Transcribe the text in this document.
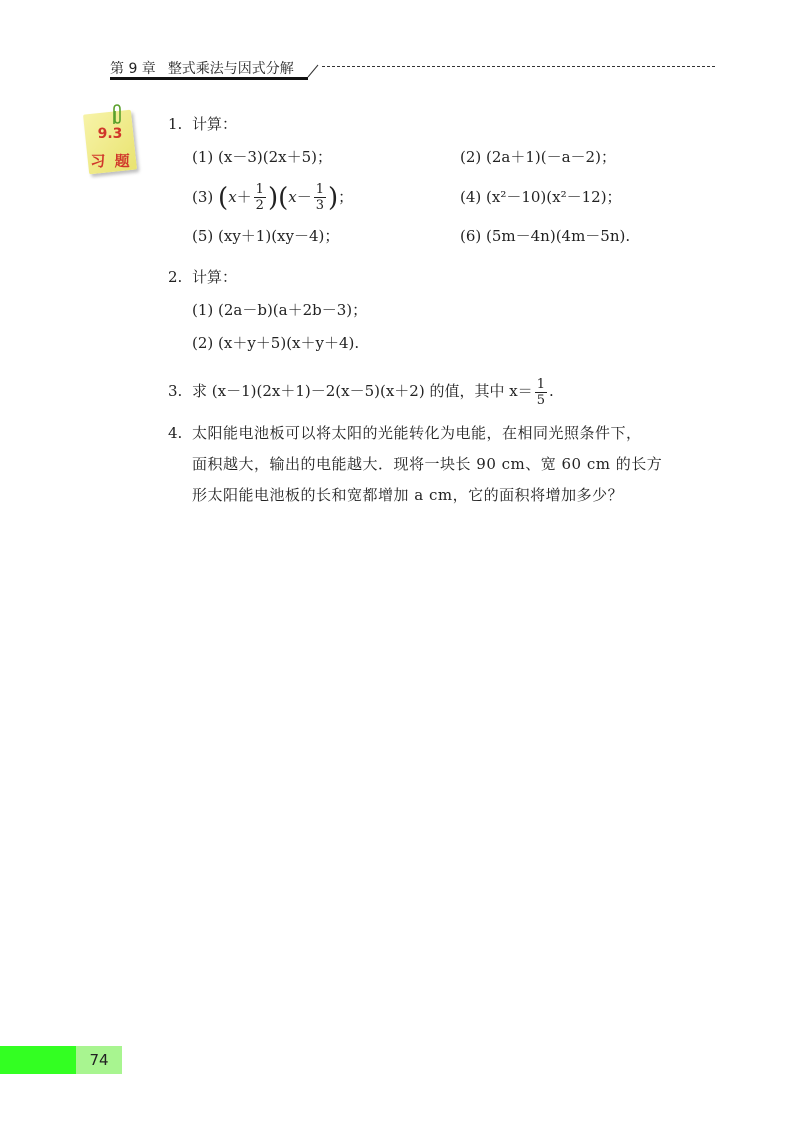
第 9 章 整式乘法与因式分解
9.3
习 题
1. 计算：
(1) (x－3)(2x＋5)；	(2) (2a＋1)(－a－2)；
(3) $(x+ \frac{1}{2} )(x- \frac{1}{3}$ )；	(4) (x²－10)(x²－12)；
(5) (xy＋1)(xy－4)；	(6) (5m－4n)(4m－5n).
2. 计算：
(1) (2a－b)(a＋2b－3)；
(2) (x＋y＋5)(x＋y＋4).
3. 求 (x－1)(2x＋1)－2(x－5)(x＋2) 的值，其中 $x= \frac{1}{5}$ .
4. 太阳能电池板可以将太阳的光能转化为电能，在相同光照条件下，
面积越大，输出的电能越大．现将一块长 90 cm、宽 60 cm 的长方
形太阳能电池板的长和宽都增加 a cm，它的面积将增加多少？
74
